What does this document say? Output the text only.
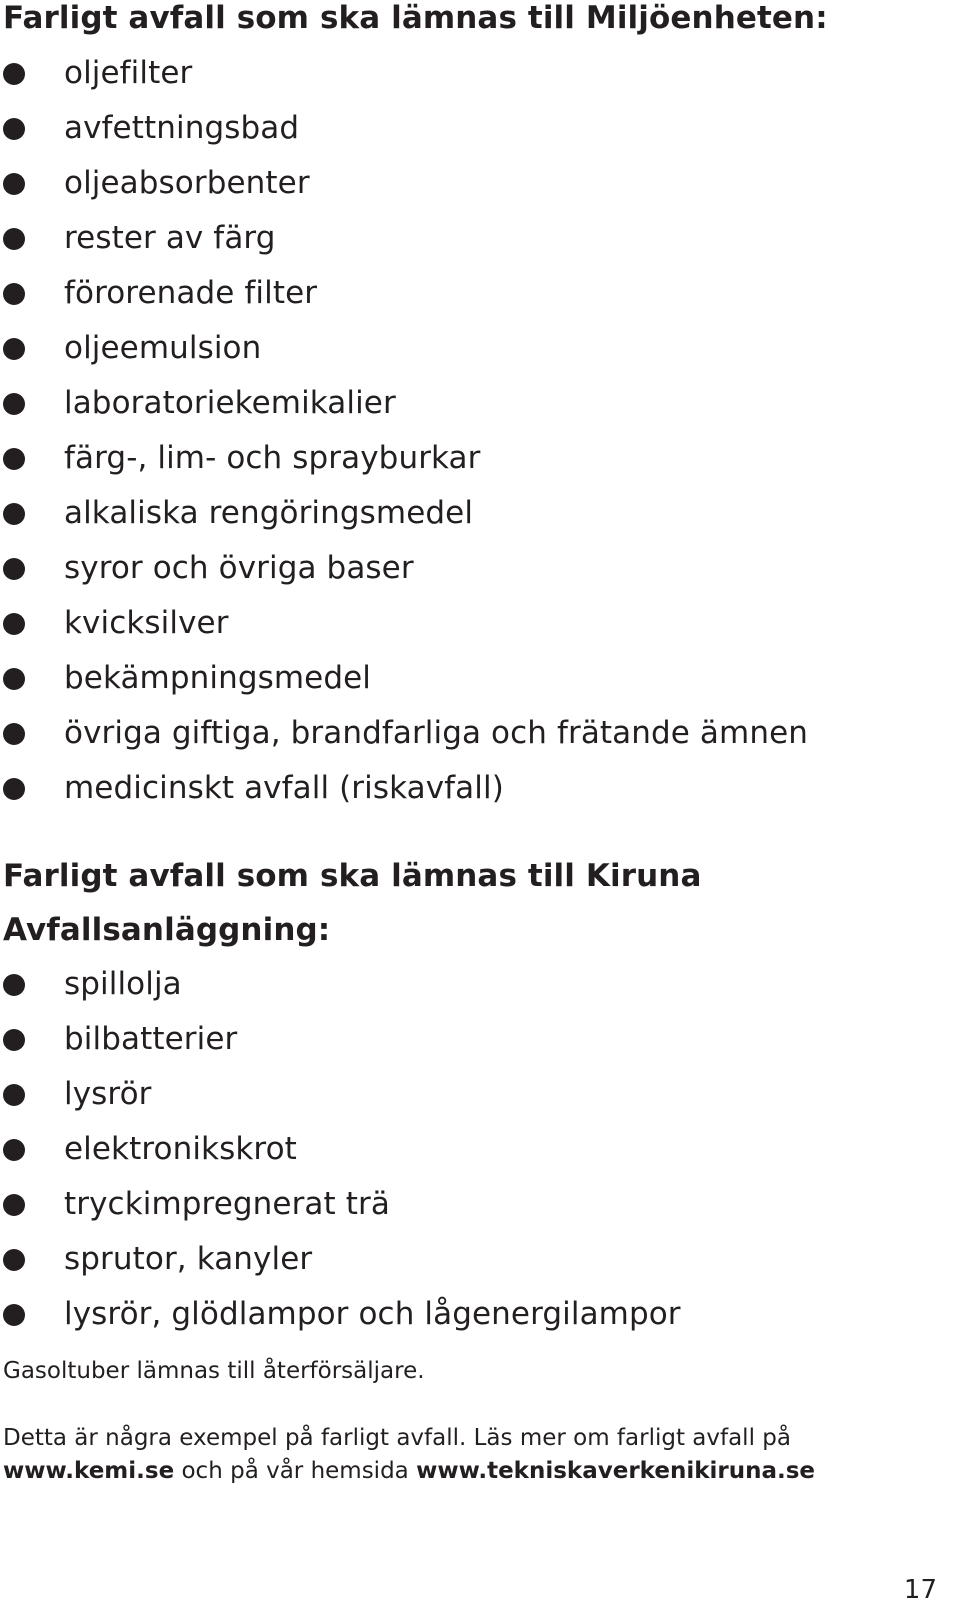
Farligt avfall som ska lämnas till Miljöenheten:
oljefilter
avfettningsbad
oljeabsorbenter
rester av färg
förorenade filter
oljeemulsion
laboratoriekemikalier
färg-, lim- och sprayburkar
alkaliska rengöringsmedel
syror och övriga baser
kvicksilver
bekämpningsmedel
övriga giftiga, brandfarliga och frätande ämnen
medicinskt avfall (riskavfall)
Farligt avfall som ska lämnas till Kiruna
Avfallsanläggning:
spillolja
bilbatterier
lysrör
elektronikskrot
tryckimpregnerat trä
sprutor, kanyler
lysrör, glödlampor och lågenergilampor

Gasoltuber lämnas till återförsäljare.

Detta är några exempel på farligt avfall. Läs mer om farligt avfall på

www.kemi.se och på vår hemsida www.tekniskaverkenikiruna.se

17
